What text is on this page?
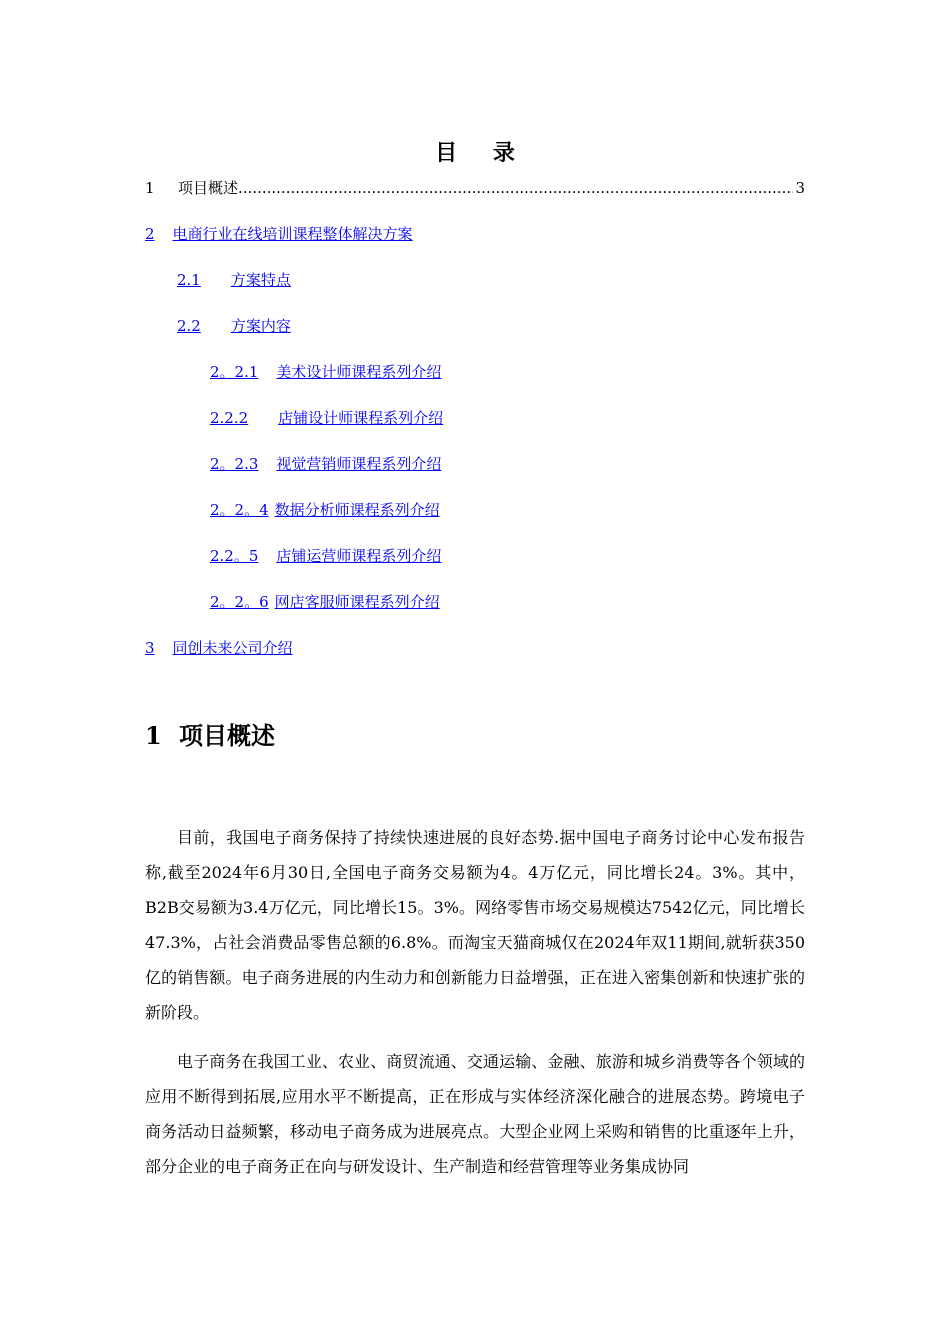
目 录
1	项目概述
.....	3
2 电商行业在线培训课程整体解决方案
2.1 方案特点
2.2 方案内容
2。2.1 美术设计师课程系列介绍
2.2.2 店铺设计师课程系列介绍
2。2.3 视觉营销师课程系列介绍
2。2。4 数据分析师课程系列介绍
2.2。5 店铺运营师课程系列介绍
2。2。6 网店客服师课程系列介绍
3 同创未来公司介绍
1 项目概述

目前，我国电子商务保持了持续快速进展的良好态势.据中国电子商务讨论中心发布报告称,截至2024年6月30日,全国电子商务交易额为4。4万亿元，同比增长24。3%。其中，B2B交易额为3.4万亿元，同比增长15。3%。网络零售市场交易规模达7542亿元，同比增长47.3%，占社会消费品零售总额的6.8%。而淘宝天猫商城仅在2024年双11期间,就斩获350亿的销售额。电子商务进展的内生动力和创新能力日益增强，正在进入密集创新和快速扩张的新阶段。

电子商务在我国工业、农业、商贸流通、交通运输、金融、旅游和城乡消费等各个领域的应用不断得到拓展,应用水平不断提高，正在形成与实体经济深化融合的进展态势。跨境电子商务活动日益频繁，移动电子商务成为进展亮点。大型企业网上采购和销售的比重逐年上升，部分企业的电子商务正在向与研发设计、生产制造和经营管理等业务集成协同
